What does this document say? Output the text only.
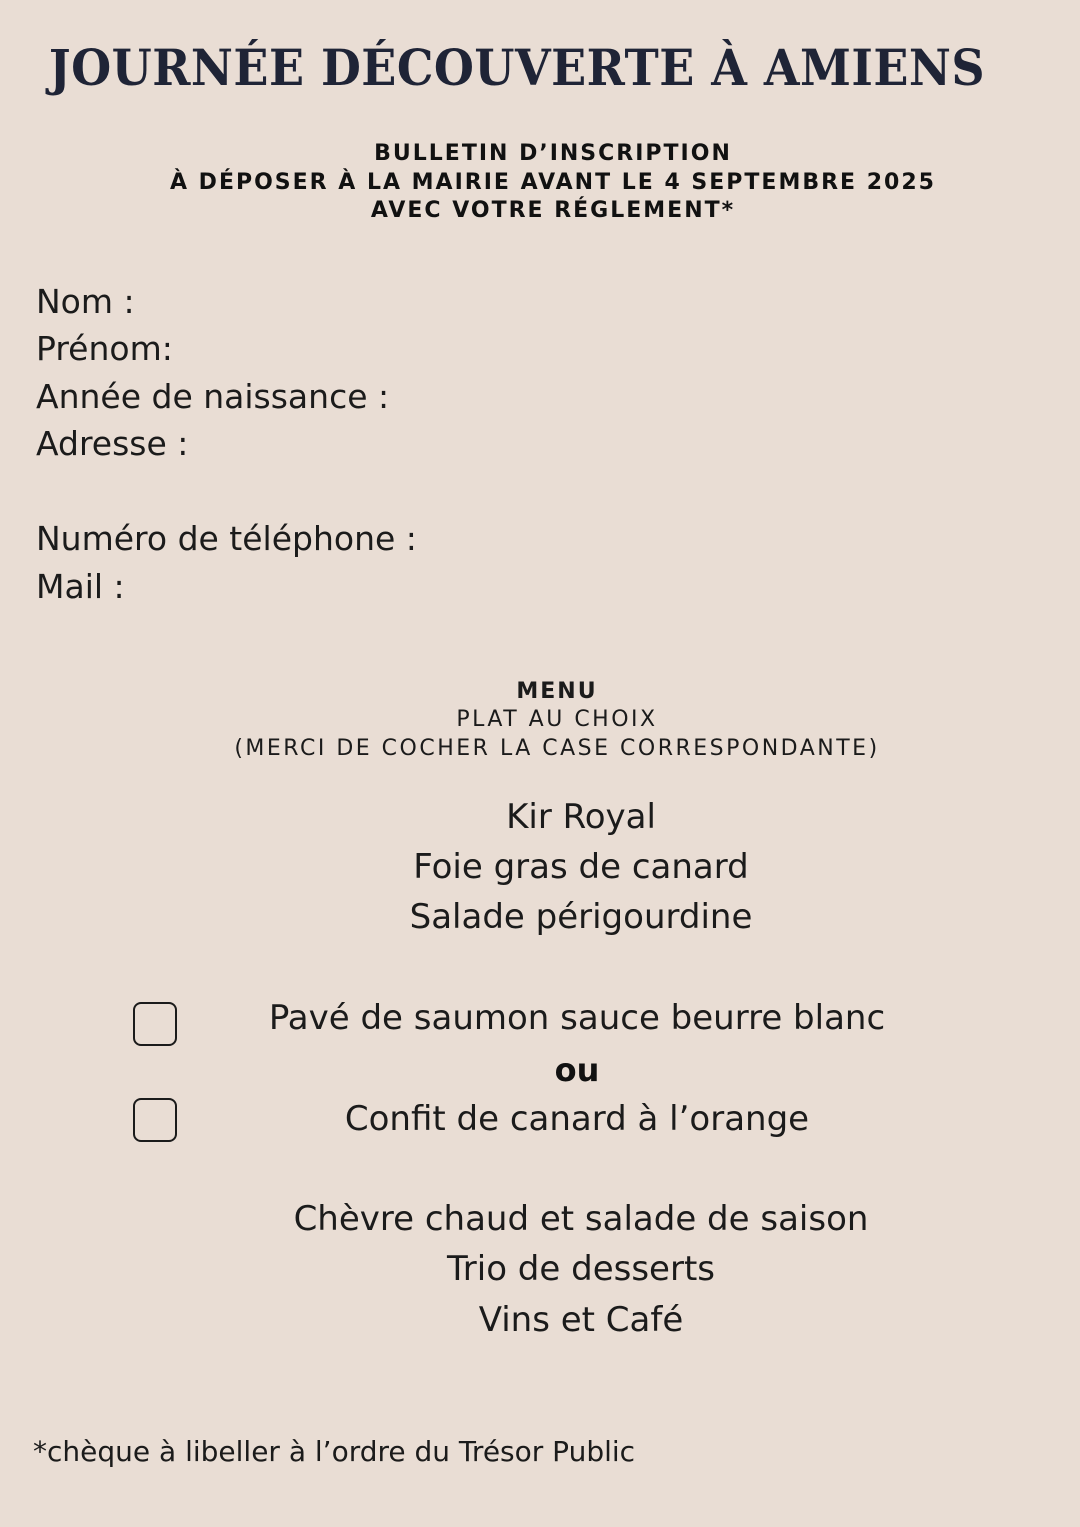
JOURNÉE DÉCOUVERTE À AMIENS
BULLETIN D’INSCRIPTION
À DÉPOSER À LA MAIRIE AVANT LE 4 SEPTEMBRE 2025
AVEC VOTRE RÉGLEMENT*
Nom :
Prénom:
Année de naissance :
Adresse :
Numéro de téléphone :
Mail :
MENU
PLAT AU CHOIX
(MERCI DE COCHER LA CASE CORRESPONDANTE)
Kir Royal
Foie gras de canard
Salade périgourdine
Pavé de saumon sauce beurre blanc
ou
Confit de canard à l’orange
Chèvre chaud et salade de saison
Trio de desserts
Vins et Café
*chèque à libeller à l’ordre du Trésor Public
